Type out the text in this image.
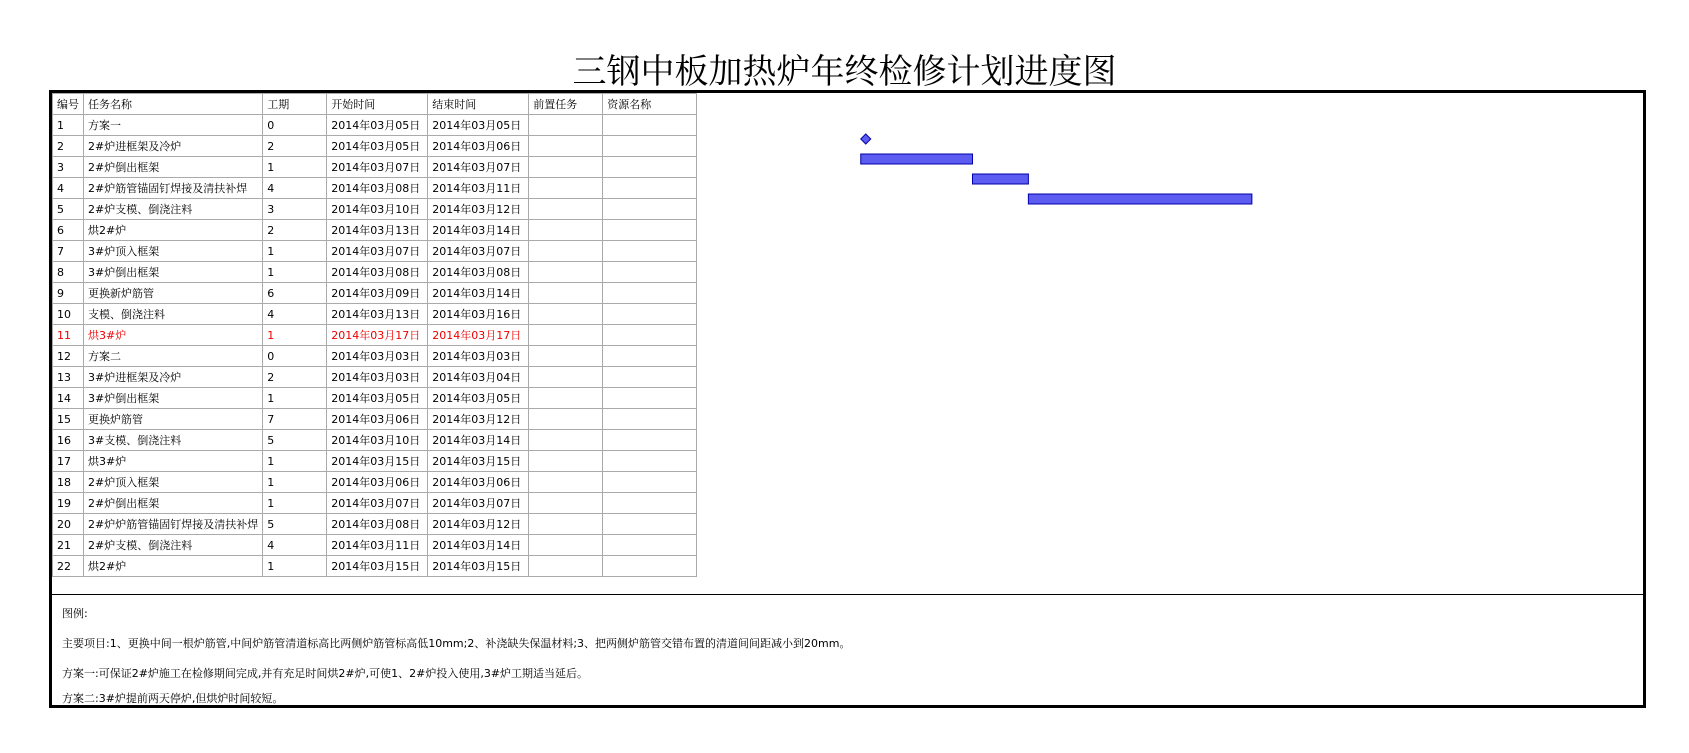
三钢中板加热炉年终检修计划进度图
编号	任务名称	工期	开始时间	结束时间	前置任务	资源名称
1	方案一	0	2014年03月05日	2014年03月05日		
2	2#炉进框架及冷炉	2	2014年03月05日	2014年03月06日		
3	2#炉倒出框架	1	2014年03月07日	2014年03月07日		
4	2#炉筋管锚固钉焊接及清扶补焊	4	2014年03月08日	2014年03月11日		
5	2#炉支模、倒浇注料	3	2014年03月10日	2014年03月12日		
6	烘2#炉	2	2014年03月13日	2014年03月14日		
7	3#炉顶入框架	1	2014年03月07日	2014年03月07日		
8	3#炉倒出框架	1	2014年03月08日	2014年03月08日		
9	更换新炉筋管	6	2014年03月09日	2014年03月14日		
10	支模、倒浇注料	4	2014年03月13日	2014年03月16日		
11	烘3#炉	1	2014年03月17日	2014年03月17日		
12	方案二	0	2014年03月03日	2014年03月03日		
13	3#炉进框架及冷炉	2	2014年03月03日	2014年03月04日		
14	3#炉倒出框架	1	2014年03月05日	2014年03月05日		
15	更换炉筋管	7	2014年03月06日	2014年03月12日		
16	3#支模、倒浇注料	5	2014年03月10日	2014年03月14日		
17	烘3#炉	1	2014年03月15日	2014年03月15日		
18	2#炉顶入框架	1	2014年03月06日	2014年03月06日		
19	2#炉倒出框架	1	2014年03月07日	2014年03月07日		
20	2#炉炉筋管锚固钉焊接及清扶补焊	5	2014年03月08日	2014年03月12日		
21	2#炉支模、倒浇注料	4	2014年03月11日	2014年03月14日		
22	烘2#炉	1	2014年03月15日	2014年03月15日		
图例:
主要项目:1、更换中间一根炉筋管,中间炉筋管清道标高比两侧炉筋管标高低10mm;2、补浇缺失保温材料;3、把两侧炉筋管交错布置的清道间间距减小到20mm。
方案一:可保证2#炉施工在检修期间完成,并有充足时间烘2#炉,可使1、2#炉投入使用,3#炉工期适当延后。
方案二:3#炉提前两天停炉,但烘炉时间较短。
